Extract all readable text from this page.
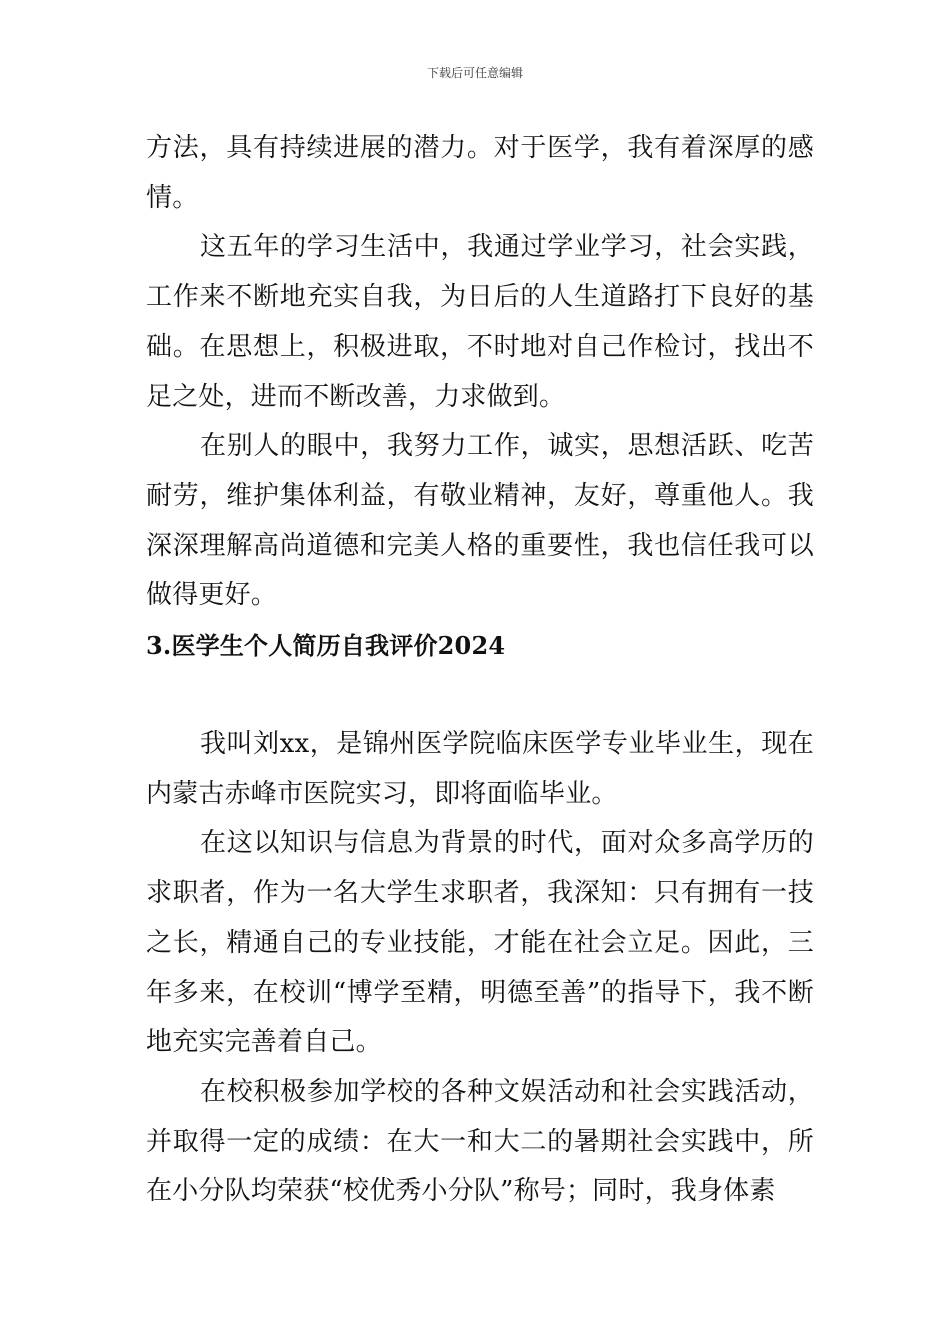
下载后可任意编辑

方法，具有持续进展的潜力。对于医学，我有着深厚的感情。

这五年的学习生活中，我通过学业学习，社会实践，工作来不断地充实自我，为日后的人生道路打下良好的基础。在思想上，积极进取，不时地对自己作检讨，找出不足之处，进而不断改善，力求做到。

在别人的眼中，我努力工作，诚实，思想活跃、吃苦耐劳，维护集体利益，有敬业精神，友好，尊重他人。我深深理解高尚道德和完美人格的重要性，我也信任我可以做得更好。

3.医学生个人简历自我评价2024

我叫刘xx，是锦州医学院临床医学专业毕业生，现在内蒙古赤峰市医院实习，即将面临毕业。

在这以知识与信息为背景的时代，面对众多高学历的求职者，作为一名大学生求职者，我深知：只有拥有一技之长，精通自己的专业技能，才能在社会立足。因此，三年多来，在校训“博学至精，明德至善”的指导下，我不断地充实完善着自己。

在校积极参加学校的各种文娱活动和社会实践活动，并取得一定的成绩：在大一和大二的暑期社会实践中，所在小分队均荣获“校优秀小分队”称号；同时，我身体素
